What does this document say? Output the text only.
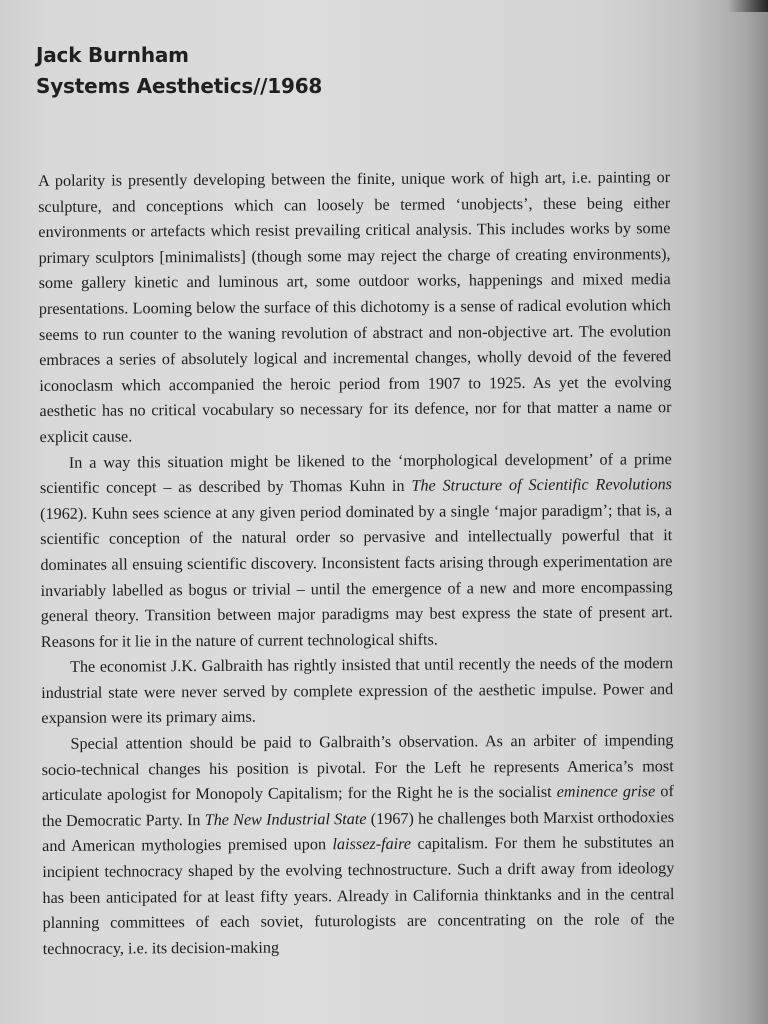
Jack Burnham
Systems Aesthetics//1968

A polarity is presently developing between the finite, unique work of high art, i.e. painting or sculpture, and conceptions which can loosely be termed ‘unobjects’, these being either environments or artefacts which resist prevailing critical analysis. This includes works by some primary sculptors [minimalists] (though some may reject the charge of creating environments), some gallery kinetic and luminous art, some outdoor works, happenings and mixed media presentations. Looming below the surface of this dichotomy is a sense of radical evolution which seems to run counter to the waning revolution of abstract and non-objective art. The evolution embraces a series of absolutely logical and incremental changes, wholly devoid of the fevered iconoclasm which accompanied the heroic period from 1907 to 1925. As yet the evolving aesthetic has no critical vocabulary so necessary for its defence, nor for that matter a name or explicit cause.

In a way this situation might be likened to the ‘morphological development’ of a prime scientific concept – as described by Thomas Kuhn in The Structure of Scientific Revolutions (1962). Kuhn sees science at any given period dominated by a single ‘major paradigm’; that is, a scientific conception of the natural order so pervasive and intellectually powerful that it dominates all ensuing scientific discovery. Inconsistent facts arising through experimentation are invariably labelled as bogus or trivial – until the emergence of a new and more encompassing general theory. Transition between major paradigms may best express the state of present art. Reasons for it lie in the nature of current technological shifts.

The economist J.K. Galbraith has rightly insisted that until recently the needs of the modern industrial state were never served by complete expression of the aesthetic impulse. Power and expansion were its primary aims.

Special attention should be paid to Galbraith’s observation. As an arbiter of impending socio-technical changes his position is pivotal. For the Left he represents America’s most articulate apologist for Monopoly Capitalism; for the Right he is the socialist eminence grise of the Democratic Party. In The New Industrial State (1967) he challenges both Marxist orthodoxies and American mythologies premised upon laissez-faire capitalism. For them he substitutes an incipient technocracy shaped by the evolving technostructure. Such a drift away from ideology has been anticipated for at least fifty years. Already in California thinktanks and in the central planning committees of each soviet, futurologists are concentrating on the role of the technocracy, i.e. its decision-making
